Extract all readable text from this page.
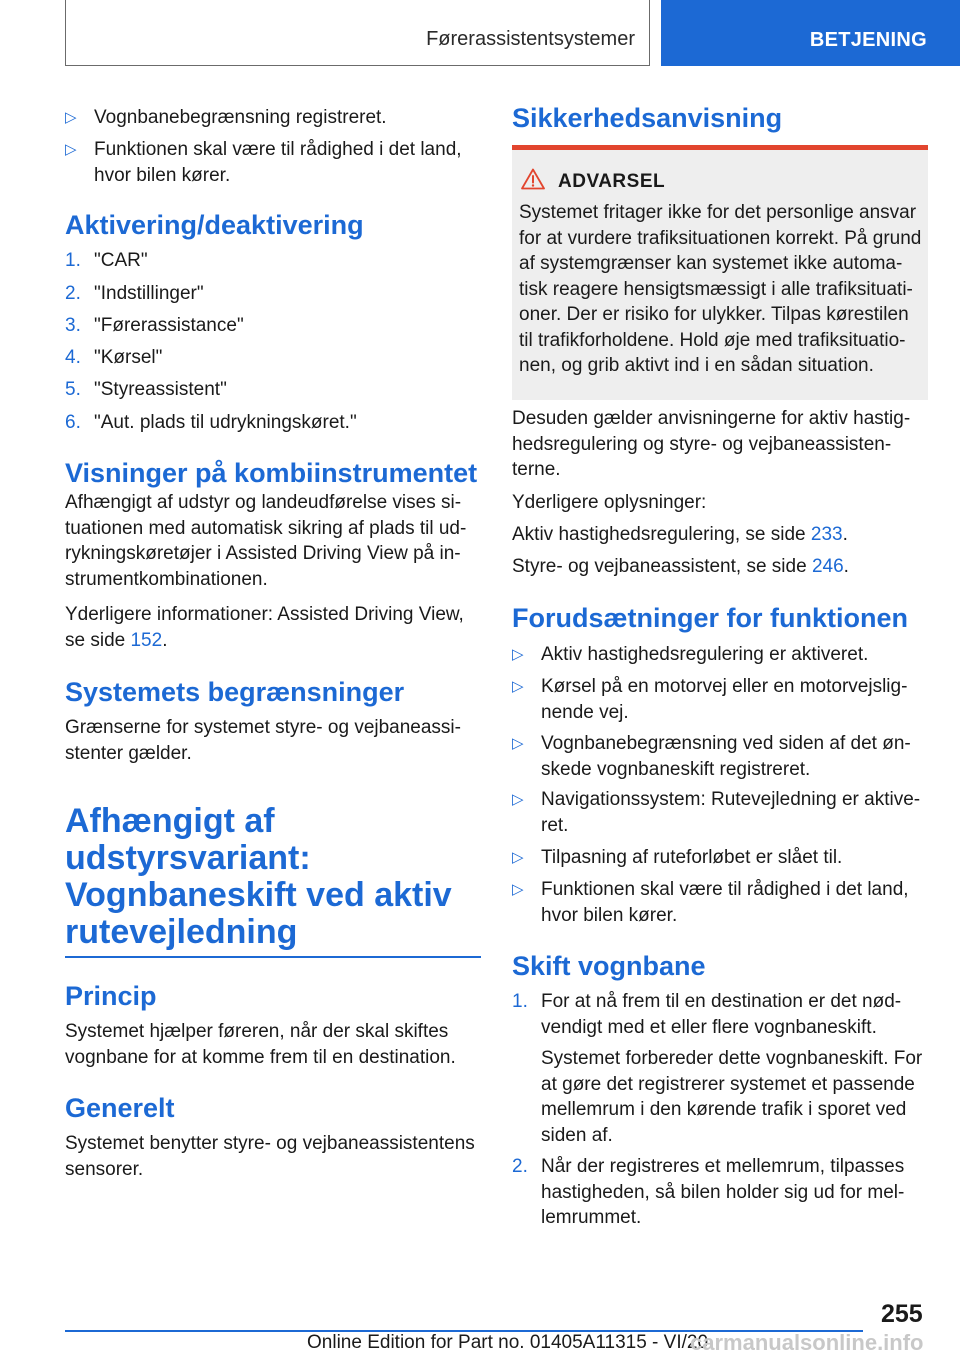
Førerassistentsystemer	BETJENING
▷ Vognbanebegrænsning registreret.
▷ Funktionen skal være til rådighed i det land, hvor bilen kører.
Aktivering/deaktivering
1. "CAR"
2. "Indstillinger"
3. "Førerassistance"
4. "Kørsel"
5. "Styreassistent"
6. "Aut. plads til udrykningskøret."
Visninger på kombiinstrumentet
Afhængigt af udstyr og landeudførelse vises situationen med automatisk sikring af plads til udrykningskøretøjer i Assisted Driving View på instrumentkombinationen.
Yderligere informationer: Assisted Driving View, se side 152.
Systemets begrænsninger
Grænserne for systemet styre- og vejbaneassistenter gælder.
Afhængigt af udstyrsvariant: Vognbaneskift ved aktiv rutevejledning
Princip
Systemet hjælper føreren, når der skal skiftes vognbane for at komme frem til en destination.
Generelt
Systemet benytter styre- og vejbaneassistentens sensorer.
Sikkerhedsanvisning
ADVARSEL
Systemet fritager ikke for det personlige ansvar for at vurdere trafiksituationen korrekt. På grund af systemgrænser kan systemet ikke automatisk reagere hensigtsmæssigt i alle trafiksituationer. Der er risiko for ulykker. Tilpas kørestilen til trafikforholdene. Hold øje med trafiksituationen, og grib aktivt ind i en sådan situation.
Desuden gælder anvisningerne for aktiv hastighedsregulering og styre- og vejbaneassistenterne.
Yderligere oplysninger:
Aktiv hastighedsregulering, se side 233.
Styre- og vejbaneassistent, se side 246.
Forudsætninger for funktionen
▷ Aktiv hastighedsregulering er aktiveret.
▷ Kørsel på en motorvej eller en motorvejslignende vej.
▷ Vognbanebegrænsning ved siden af det ønskede vognbaneskift registreret.
▷ Navigationssystem: Rutevejledning er aktiveret.
▷ Tilpasning af ruteforløbet er slået til.
▷ Funktionen skal være til rådighed i det land, hvor bilen kører.
Skift vognbane
1. For at nå frem til en destination er det nødvendigt med et eller flere vognbaneskift.
Systemet forbereder dette vognbaneskift. For at gøre det registrerer systemet et passende mellemrum i den kørende trafik i sporet ved siden af.
2. Når der registreres et mellemrum, tilpasses hastigheden, så bilen holder sig ud for mellemrummet.
255
Online Edition for Part no. 01405A11315 - VI/20
carmanualsonline.info
